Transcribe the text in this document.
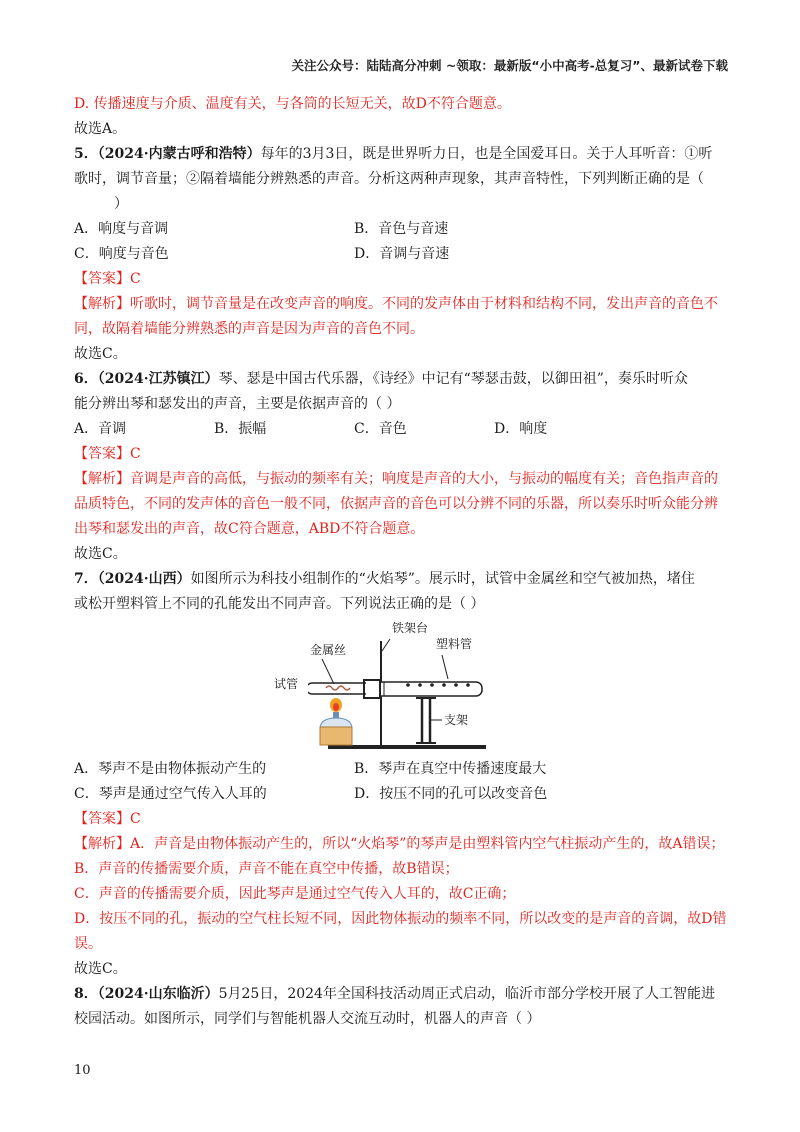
关注公众号：陆陆高分冲刺 ~领取：最新版“小中高考-总复习”、最新试卷下载
D. 传播速度与介质、温度有关，与各筒的长短无关，故D不符合题意。
故选A。
5．（2024·内蒙古呼和浩特）每年的3月3日，既是世界听力日，也是全国爱耳日。关于人耳听音：①听
歌时，调节音量；②隔着墙能分辨熟悉的声音。分析这两种声现象，其声音特性，下列判断正确的是（
）
A．响度与音调	B．音色与音速
C．响度与音色	D．音调与音速
【答案】C
【解析】听歌时，调节音量是在改变声音的响度。不同的发声体由于材料和结构不同，发出声音的音色不
同，故隔着墙能分辨熟悉的声音是因为声音的音色不同。
故选C。
6．（2024·江苏镇江）琴、瑟是中国古代乐器，《诗经》中记有“琴瑟击鼓，以御田祖”，奏乐时听众
能分辨出琴和瑟发出的声音，主要是依据声音的（ ）
A．音调	B．振幅	C．音色	D．响度
【答案】C
【解析】音调是声音的高低，与振动的频率有关；响度是声音的大小，与振动的幅度有关；音色指声音的
品质特色，不同的发声体的音色一般不同，依据声音的音色可以分辨不同的乐器，所以奏乐时听众能分辨
出琴和瑟发出的声音，故C符合题意，ABD不符合题意。
故选C。
7．（2024·山西）如图所示为科技小组制作的“火焰琴”。展示时，试管中金属丝和空气被加热，堵住
或松开塑料管上不同的孔能发出不同声音。下列说法正确的是（ ）
铁架台
金属丝	塑料管
试管
支架
A．琴声不是由物体振动产生的	B．琴声在真空中传播速度最大
C．琴声是通过空气传入人耳的	D．按压不同的孔可以改变音色
【答案】C
【解析】A．声音是由物体振动产生的，所以“火焰琴”的琴声是由塑料管内空气柱振动产生的，故A错误；
B．声音的传播需要介质，声音不能在真空中传播，故B错误；
C．声音的传播需要介质，因此琴声是通过空气传入人耳的，故C正确；
D．按压不同的孔，振动的空气柱长短不同，因此物体振动的频率不同，所以改变的是声音的音调，故D错
误。
故选C。
8．（2024·山东临沂）5月25日，2024年全国科技活动周正式启动，临沂市部分学校开展了人工智能进
校园活动。如图所示，同学们与智能机器人交流互动时，机器人的声音（ ）
10
